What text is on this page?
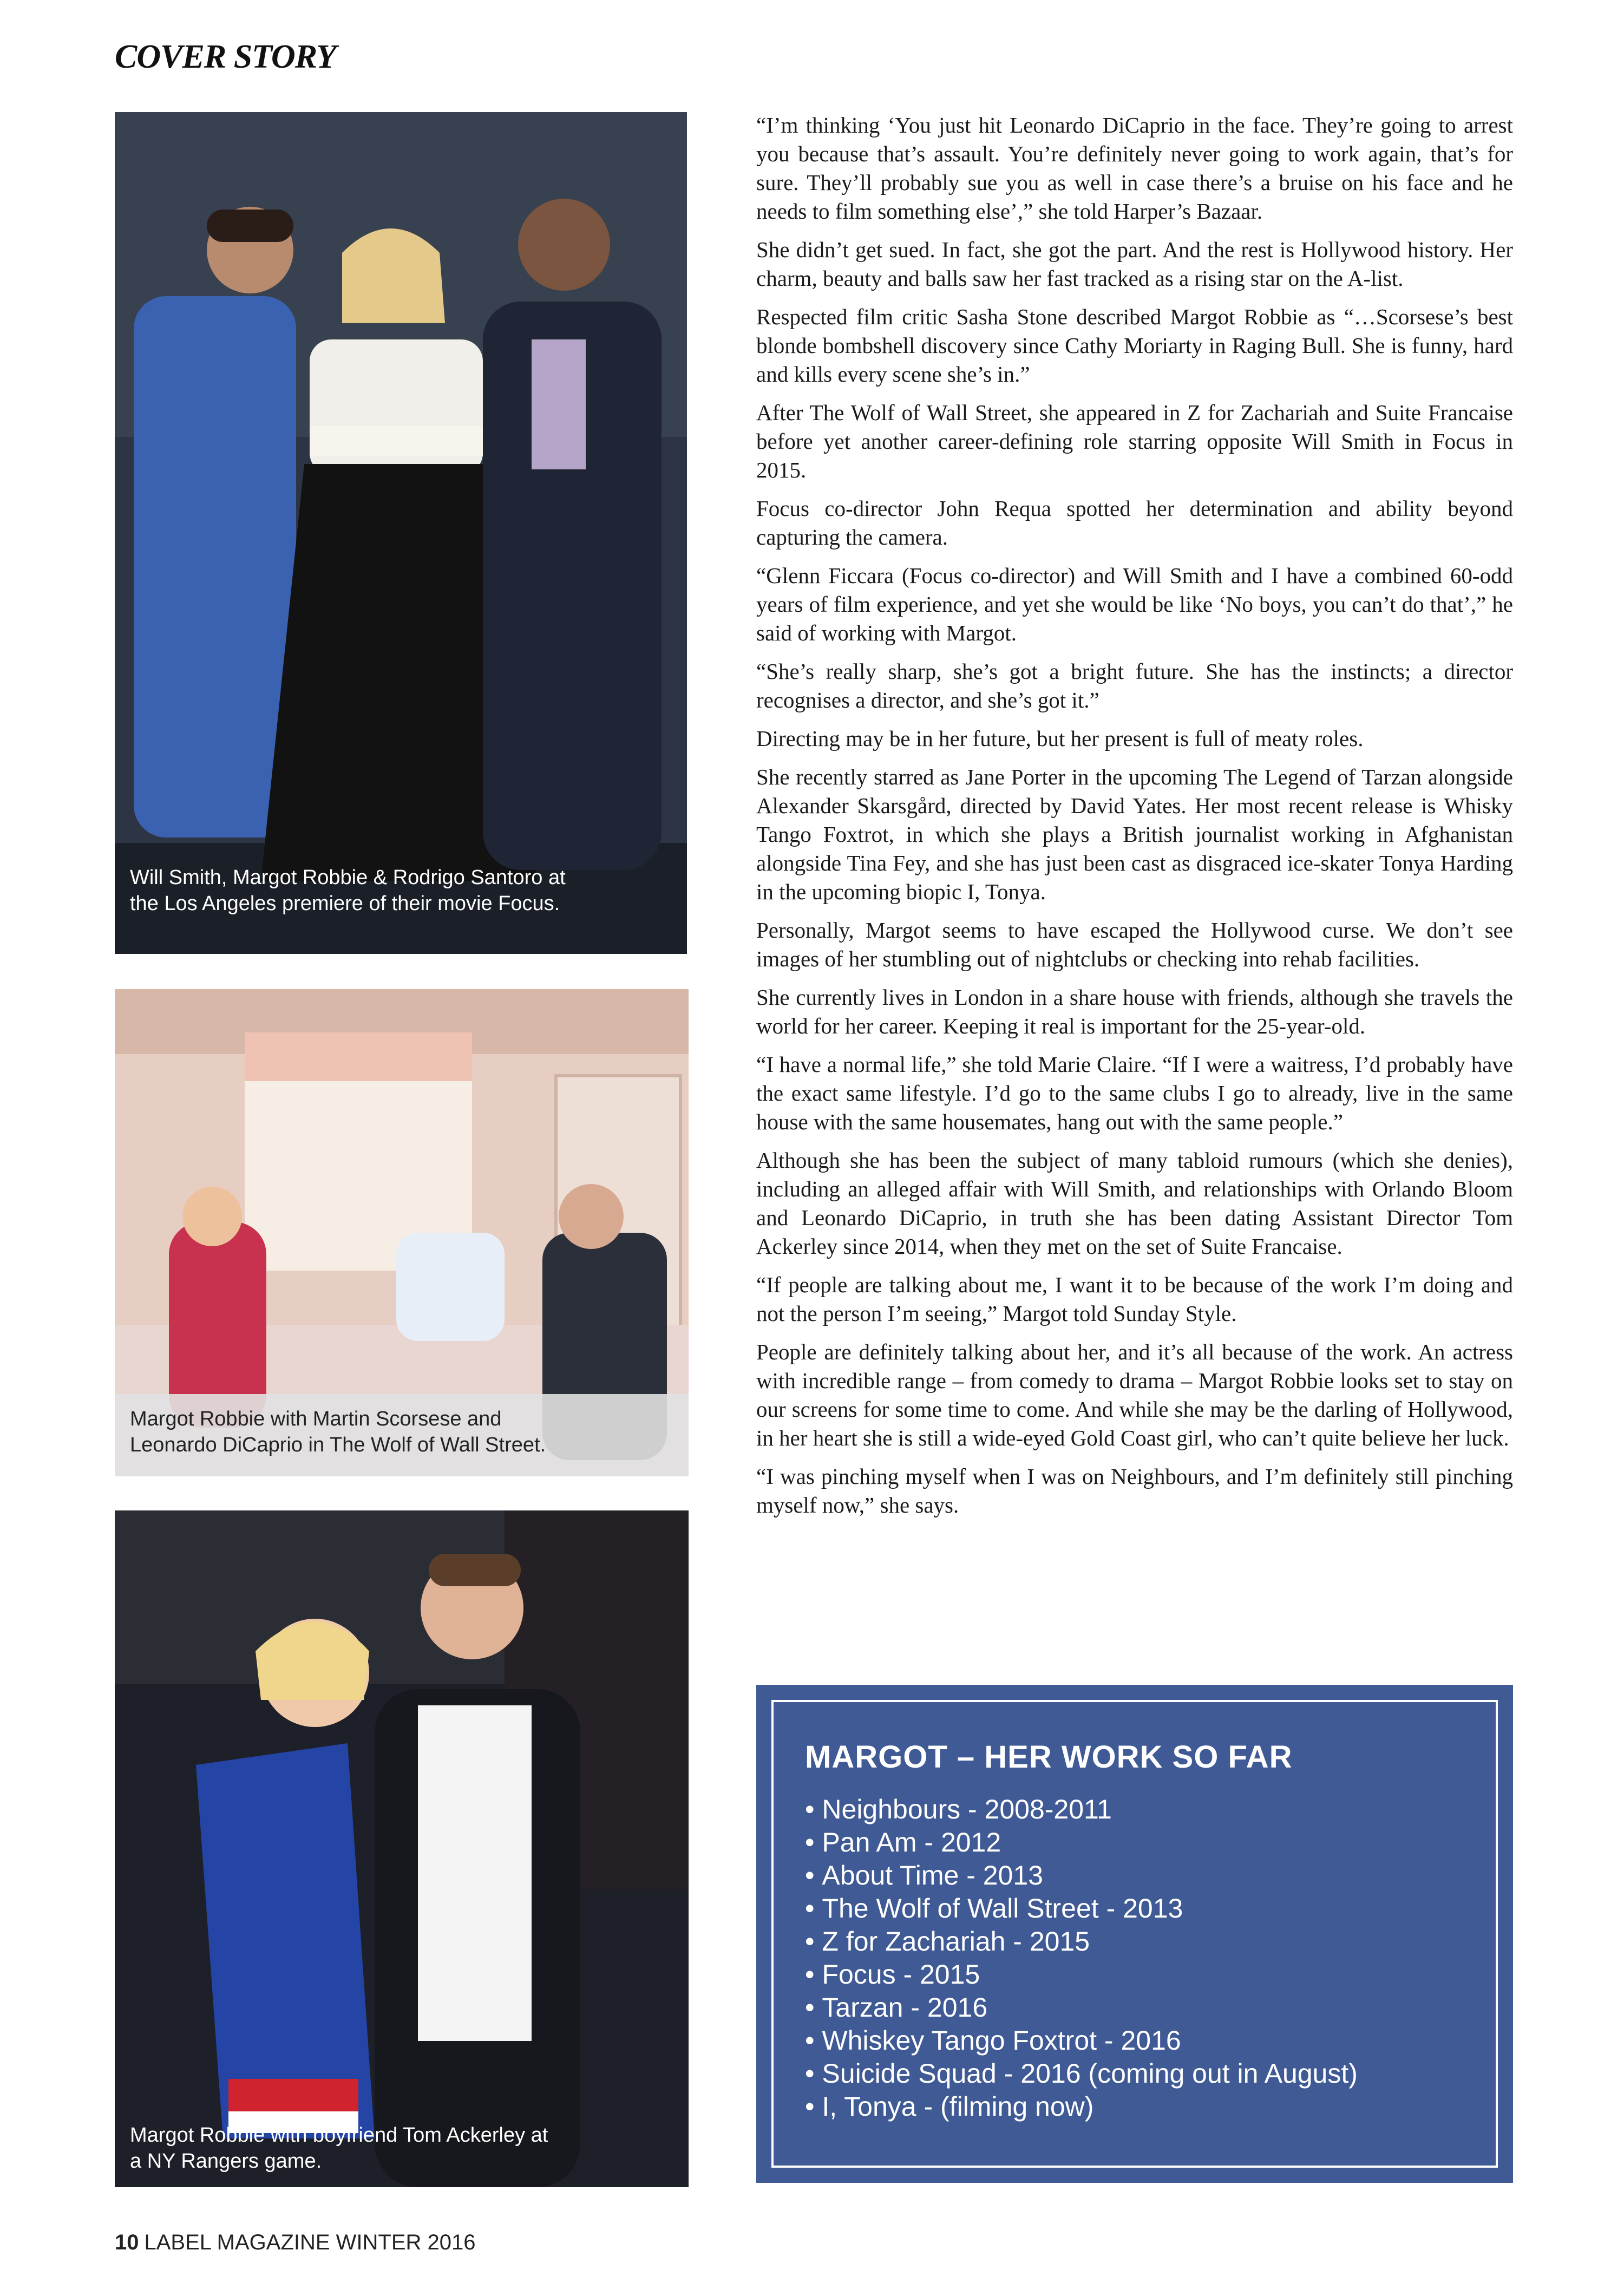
COVER STORY
Will Smith, Margot Robbie & Rodrigo Santoro at
the Los Angeles premiere of their movie Focus.
Margot Robbie with Martin Scorsese and
Leonardo DiCaprio in The Wolf of Wall Street.
Margot Robbie with boyfriend Tom Ackerley at
a NY Rangers game.

“I’m thinking ‘You just hit Leonardo DiCaprio in the face. They’re going to arrest you because that’s assault. You’re definitely never going to work again, that’s for sure. They’ll probably sue you as well in case there’s a bruise on his face and he needs to film something else’,” she told Harper’s Bazaar.

She didn’t get sued. In fact, she got the part. And the rest is Hollywood history. Her charm, beauty and balls saw her fast tracked as a rising star on the A-list.

Respected film critic Sasha Stone described Margot Robbie as “…Scorsese’s best blonde bombshell discovery since Cathy Moriarty in Raging Bull. She is funny, hard and kills every scene she’s in.”

After The Wolf of Wall Street, she appeared in Z for Zachariah and Suite Francaise before yet another career-defining role starring opposite Will Smith in Focus in 2015.

Focus co-director John Requa spotted her determination and ability beyond capturing the camera.

“Glenn Ficcara (Focus co-director) and Will Smith and I have a combined 60-odd years of film experience, and yet she would be like ‘No boys, you can’t do that’,” he said of working with Margot.

“She’s really sharp, she’s got a bright future. She has the instincts; a director recognises a director, and she’s got it.”

Directing may be in her future, but her present is full of meaty roles.

She recently starred as Jane Porter in the upcoming The Legend of Tarzan alongside Alexander Skarsgård, directed by David Yates. Her most recent release is Whisky Tango Foxtrot, in which she plays a British journalist working in Afghanistan alongside Tina Fey, and she has just been cast as disgraced ice-skater Tonya Harding in the upcoming biopic I, Tonya.

Personally, Margot seems to have escaped the Hollywood curse. We don’t see images of her stumbling out of nightclubs or checking into rehab facilities.

She currently lives in London in a share house with friends, although she travels the world for her career. Keeping it real is important for the 25-year-old.

“I have a normal life,” she told Marie Claire. “If I were a waitress, I’d probably have the exact same lifestyle. I’d go to the same clubs I go to already, live in the same house with the same housemates, hang out with the same people.”

Although she has been the subject of many tabloid rumours (which she denies), including an alleged affair with Will Smith, and relationships with Orlando Bloom and Leonardo DiCaprio, in truth she has been dating Assistant Director Tom Ackerley since 2014, when they met on the set of Suite Francaise.

“If people are talking about me, I want it to be because of the work I’m doing and not the person I’m seeing,” Margot told Sunday Style.

People are definitely talking about her, and it’s all because of the work. An actress with incredible range – from comedy to drama – Margot Robbie looks set to stay on our screens for some time to come. And while she may be the darling of Hollywood, in her heart she is still a wide-eyed Gold Coast girl, who can’t quite believe her luck.

“I was pinching myself when I was on Neighbours, and I’m definitely still pinching myself now,” she says.

MARGOT – HER WORK SO FAR
• Neighbours - 2008-2011
• Pan Am - 2012
• About Time - 2013
• The Wolf of Wall Street - 2013
• Z for Zachariah - 2015
• Focus - 2015
• Tarzan - 2016
• Whiskey Tango Foxtrot - 2016
• Suicide Squad - 2016 (coming out in August)
• I, Tonya - (filming now)
10 LABEL MAGAZINE WINTER 2016
